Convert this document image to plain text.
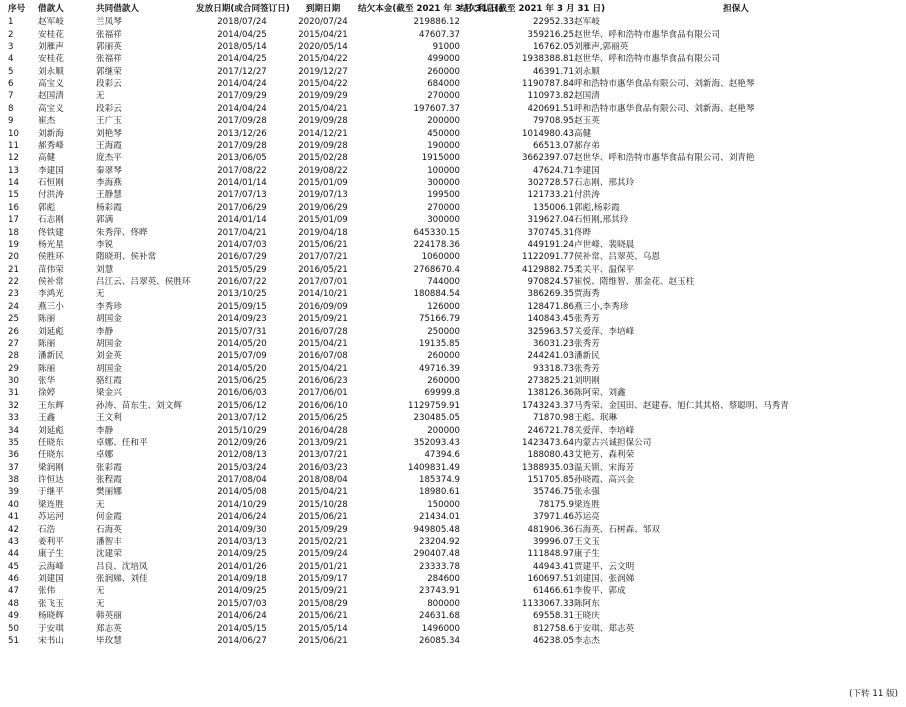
序号	借款人	共同借款人	发放日期(或合同签订日)	到期日期	结欠本金(截至 2021 年 3 月 31 日)	结欠利息(截至 2021 年 3 月 31 日)	担保人
1	赵军岐	兰凤琴	2018/07/24	2020/07/24	219886.12	22952.33	赵军岐
2	安桂花	张福祥	2014/04/25	2015/04/21	47607.37	359216.25	赵世华、呼和浩特市惠华食品有限公司
3	刘雁声	郭丽英	2018/05/14	2020/05/14	91000	16762.05	刘雁声,郭丽英
4	安桂花	张福祥	2014/04/25	2015/04/22	499000	1938388.81	赵世华、呼和浩特市惠华食品有限公司
5	刘永顺	郭继荣	2017/12/27	2019/12/27	260000	46391.71	刘永顺
6	高宝义	段彩云	2014/04/24	2015/04/22	684000	1190787.84	呼和浩特市惠华食品有限公司、刘新海、赵艳琴
7	赵国清	无	2017/09/29	2019/09/29	270000	110973.82	赵国清
8	高宝义	段彩云	2014/04/24	2015/04/21	197607.37	420691.51	呼和浩特市惠华食品有限公司、刘新海、赵艳琴
9	崔杰	王广玉	2017/09/28	2019/09/28	200000	79708.95	赵玉英
10	刘新海	刘艳琴	2013/12/26	2014/12/21	450000	1014980.43	高健
11	郝秀峰	王海霞	2017/09/28	2019/09/28	190000	66513.07	郝存弟
12	高健	庞杰平	2013/06/05	2015/02/28	1915000	3662397.07	赵世华、呼和浩特市惠华食品有限公司、刘青艳
13	李建国	秦翠琴	2017/08/22	2019/08/22	100000	47624.71	李建国
14	石恒刚	李海燕	2014/01/14	2015/01/09	300000	302728.57	石志刚、邢其玲
15	付洪涛	王静慧	2017/07/13	2019/07/13	199500	121733.21	付洪涛
16	郭彪	杨彩霞	2017/06/29	2019/06/29	270000	135006.1	郭彪,杨彩霞
17	石志刚	郭满	2014/01/14	2015/01/09	300000	319627.04	石恒刚,邢其玲
18	佟铁建	朱秀萍、佟晔	2017/04/21	2019/04/18	645330.15	370745.31	佟晔
19	杨光星	李锐	2014/07/03	2015/06/21	224178.36	449191.24	卢世峰、裴晓晨
20	侯胜环	隋晓玥、侯补常	2016/07/29	2017/07/21	1060000	1122091.77	侯补常、吕翠英、乌恩
21	苗伟荣	刘慧	2015/05/29	2016/05/21	2768670.4	4129882.75	柔关平、温保平
22	侯补常	吕江云、吕翠英、侯胜环	2016/07/22	2017/07/01	744000	970824.57	崔悦、隋维智、那金花、赵玉柱
23	李鸿光	无	2013/10/25	2014/10/21	180884.54	386269.35	贾海秀
24	燕三小	李秀珍	2015/09/15	2016/09/09	126000	128471.86	燕三小,李秀珍
25	陈丽	胡国金	2014/09/23	2015/09/21	75166.79	140843.45	张秀芳
26	刘延彪	李静	2015/07/31	2016/07/28	250000	325963.57	关爱萍、李培峰
27	陈丽	胡国金	2014/05/20	2015/04/21	19135.85	36031.23	张秀芳
28	潘新民	刘金英	2015/07/09	2016/07/08	260000	244241.03	潘新民
29	陈丽	胡国金	2014/05/20	2015/04/21	49716.39	93318.73	张秀芳
30	张华	骆红霞	2015/06/25	2016/06/23	260000	273825.21	刘明刚
31	徐婷	梁金兴	2016/06/03	2017/06/01	69999.8	138126.36	陈阿荣、刘鑫
32	王东辉	孙涛、苗东生、刘文辉	2015/06/12	2016/06/10	1129759.91	1743243.37	马秀荣、金国田、赵建春、旭仁其其格、蔡聪明、马秀青
33	王鑫	王文利	2013/07/12	2015/06/25	230485.05	71870.98	王彪、珉琳
34	刘延彪	李静	2015/10/29	2016/04/28	200000	246721.78	关爱萍、李培峰
35	任晓东	卓娜、任和平	2012/09/26	2013/09/21	352093.43	1423473.64	内蒙古兴诚担保公司
36	任晓东	卓娜	2012/08/13	2013/07/21	47394.6	188080.43	艾艳芳、森利荣
37	梁润刚	张彩霞	2015/03/24	2016/03/23	1409831.49	1388935.03	温天锁、宋海芳
38	许恒达	张程霞	2017/08/04	2018/08/04	185374.9	151705.85	孙晓霞、高兴金
39	于继平	樊丽娜	2014/05/08	2015/04/21	18980.61	35746.75	张永强
40	梁连胜	无	2014/10/29	2015/10/28	150000	78175.9	梁连胜
41	苏运河	何金霞	2014/06/24	2015/06/21	21434.01	37971.46	苏运亮
42	石浩	石海英	2014/09/30	2015/09/29	949805.48	481906.36	石海英、石树森、邹双
43	姜利平	潘智丰	2014/03/13	2015/02/21	23204.92	39996.07	王文玉
44	康子生	沈建荣	2014/09/25	2015/09/24	290407.48	111848.97	康子生
45	云海峰	吕良、沈培凤	2014/01/26	2015/01/21	23333.78	44943.41	贾建平、云文明
46	刘建国	张润娣、刘佳	2014/09/18	2015/09/17	284600	160697.51	刘建国、张润娣
47	张伟	无	2014/09/25	2015/09/21	23743.91	61466.61	李俊平、郭成
48	张飞玉	无	2015/07/03	2015/08/29	800000	1133067.33	陈阿东
49	杨晓辉	韩英丽	2014/06/24	2015/06/21	24631.68	69558.31	王晓庆
50	于安琪	郑志英	2014/05/15	2015/05/14	1496000	812758.6	于安琪、郑志英
51	宋书山	毕玫慧	2014/06/27	2015/06/21	26085.34	46238.05	李志杰
(下转 11 版)
